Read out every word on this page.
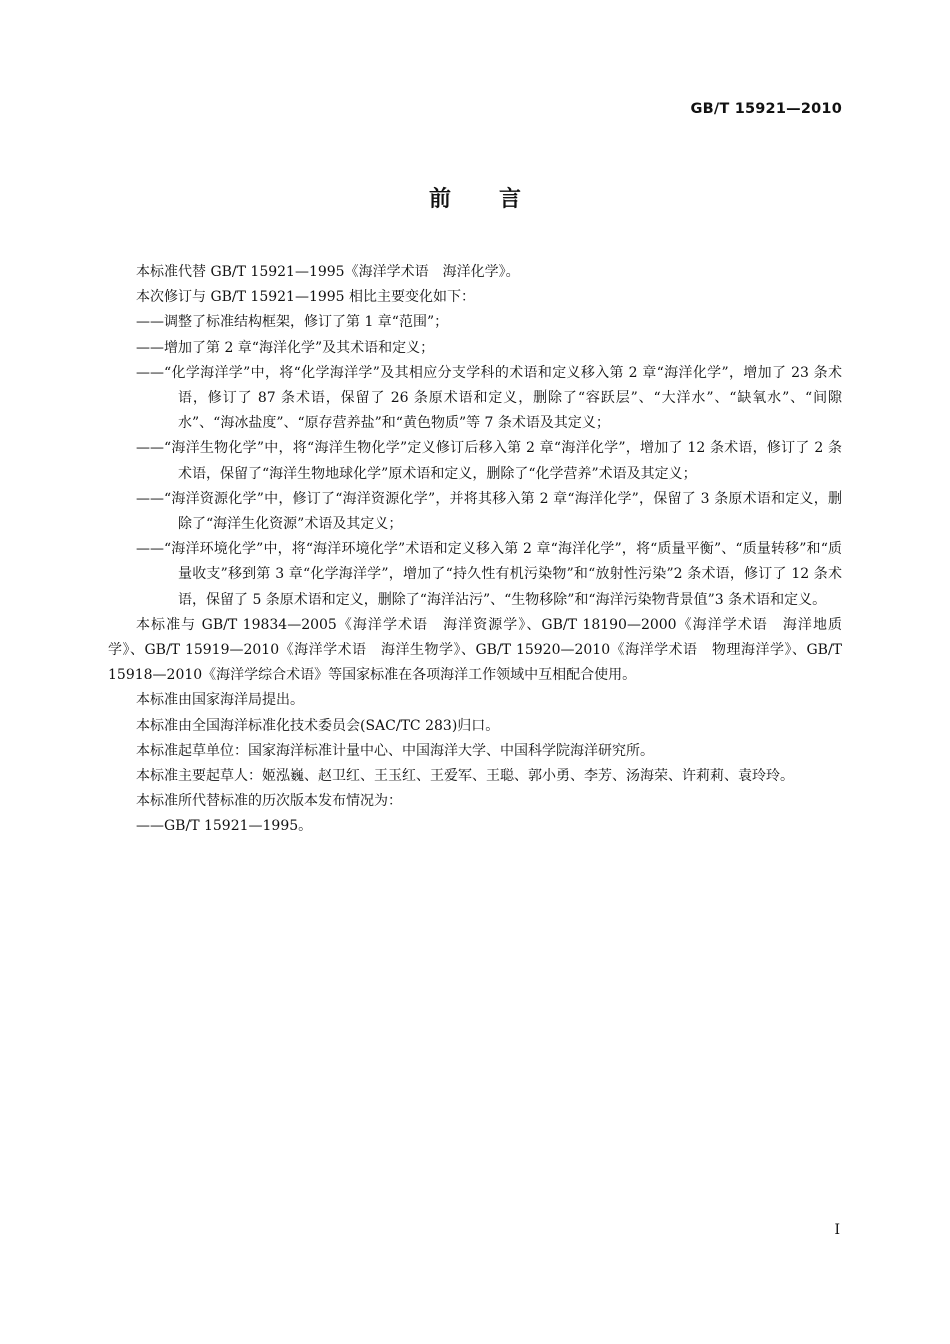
GB/T 15921—2010
前言

本标准代替 GB/T 15921—1995《海洋学术语　海洋化学》。

本次修订与 GB/T 15921—1995 相比主要变化如下：

——调整了标准结构框架，修订了第 1 章“范围”；

——增加了第 2 章“海洋化学”及其术语和定义；

——“化学海洋学”中，将“化学海洋学”及其相应分支学科的术语和定义移入第 2 章“海洋化学”，增加了 23 条术语，修订了 87 条术语，保留了 26 条原术语和定义，删除了“容跃层”、“大洋水”、“缺氧水”、“间隙水”、“海冰盐度”、“原存营养盐”和“黄色物质”等 7 条术语及其定义；

——“海洋生物化学”中，将“海洋生物化学”定义修订后移入第 2 章“海洋化学”，增加了 12 条术语，修订了 2 条术语，保留了“海洋生物地球化学”原术语和定义，删除了“化学营养”术语及其定义；

——“海洋资源化学”中，修订了“海洋资源化学”，并将其移入第 2 章“海洋化学”，保留了 3 条原术语和定义，删除了“海洋生化资源”术语及其定义；

——“海洋环境化学”中，将“海洋环境化学”术语和定义移入第 2 章“海洋化学”，将“质量平衡”、“质量转移”和“质量收支”移到第 3 章“化学海洋学”，增加了“持久性有机污染物”和“放射性污染”2 条术语，修订了 12 条术语，保留了 5 条原术语和定义，删除了“海洋沾污”、“生物移除”和“海洋污染物背景值”3 条术语和定义。

本标准与 GB/T 19834—2005《海洋学术语　海洋资源学》、GB/T 18190—2000《海洋学术语　海洋地质学》、GB/T 15919—2010《海洋学术语　海洋生物学》、GB/T 15920—2010《海洋学术语　物理海洋学》、GB/T 15918—2010《海洋学综合术语》等国家标准在各项海洋工作领域中互相配合使用。

本标准由国家海洋局提出。

本标准由全国海洋标准化技术委员会(SAC/TC 283)归口。

本标准起草单位：国家海洋标准计量中心、中国海洋大学、中国科学院海洋研究所。

本标准主要起草人：姬泓巍、赵卫红、王玉红、王爱军、王聪、郭小勇、李芳、汤海荣、许莉莉、袁玲玲。

本标准所代替标准的历次版本发布情况为：

——GB/T 15921—1995。

I
